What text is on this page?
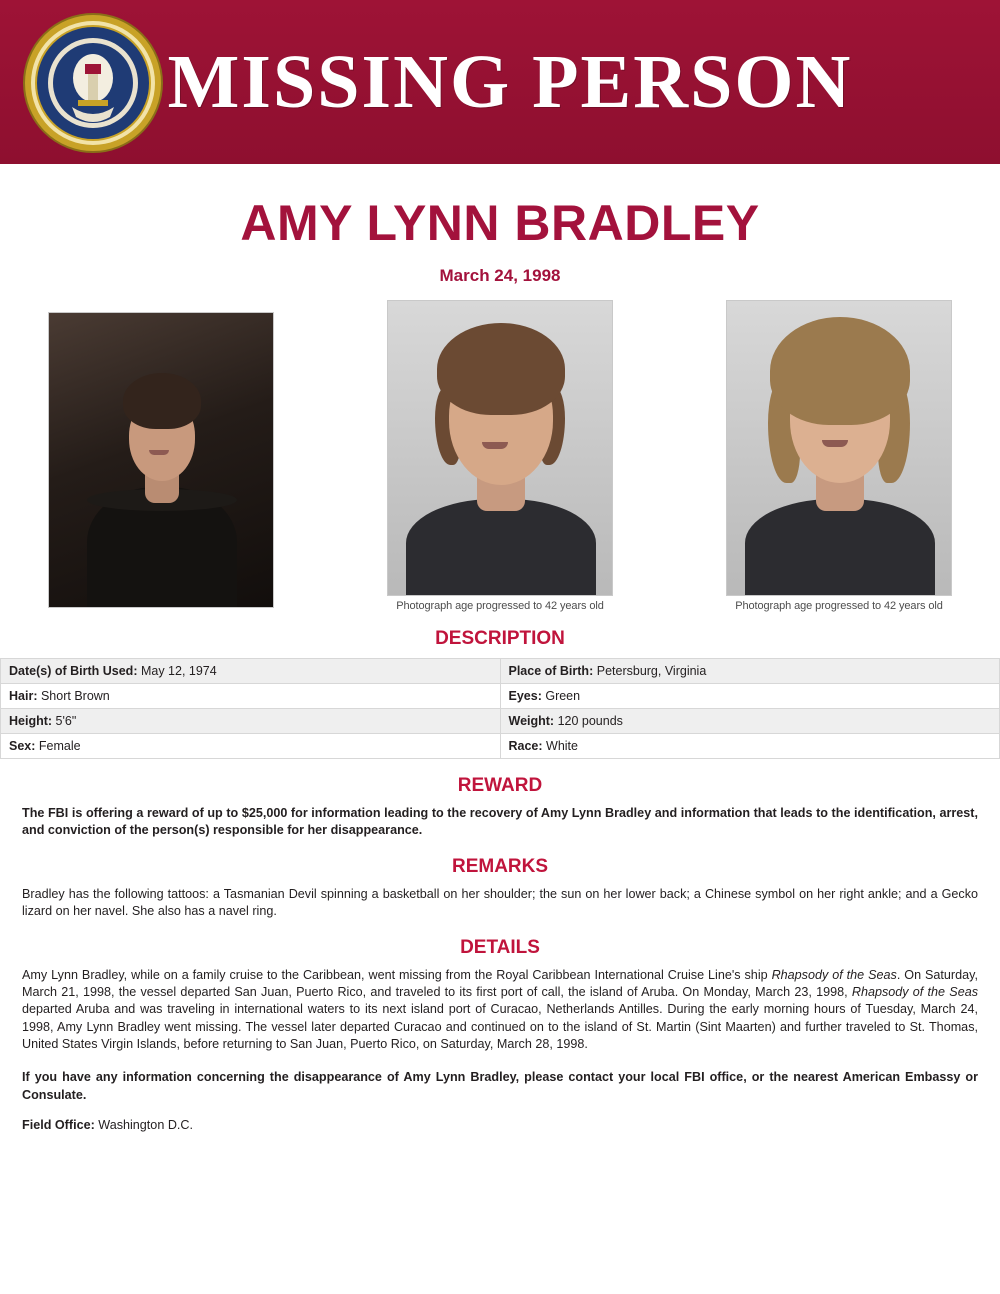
MISSING PERSON
AMY LYNN BRADLEY
March 24, 1998
Photograph age progressed to 42 years old	Photograph age progressed to 42 years old
DESCRIPTION
Date(s) of Birth Used: May 12, 1974	Place of Birth: Petersburg, Virginia
Hair: Short Brown	Eyes: Green
Height: 5'6"	Weight: 120 pounds
Sex: Female	Race: White
REWARD

The FBI is offering a reward of up to $25,000 for information leading to the recovery of Amy Lynn Bradley and information that leads to the identification, arrest, and conviction of the person(s) responsible for her disappearance.

REMARKS

Bradley has the following tattoos: a Tasmanian Devil spinning a basketball on her shoulder; the sun on her lower back; a Chinese symbol on her right ankle; and a Gecko lizard on her navel. She also has a navel ring.

DETAILS

Amy Lynn Bradley, while on a family cruise to the Caribbean, went missing from the Royal Caribbean International Cruise Line's ship Rhapsody of the Seas. On Saturday, March 21, 1998, the vessel departed San Juan, Puerto Rico, and traveled to its first port of call, the island of Aruba. On Monday, March 23, 1998, Rhapsody of the Seas departed Aruba and was traveling in international waters to its next island port of Curacao, Netherlands Antilles. During the early morning hours of Tuesday, March 24, 1998, Amy Lynn Bradley went missing. The vessel later departed Curacao and continued on to the island of St. Martin (Sint Maarten) and further traveled to St. Thomas, United States Virgin Islands, before returning to San Juan, Puerto Rico, on Saturday, March 28, 1998.

If you have any information concerning the disappearance of Amy Lynn Bradley, please contact your local FBI office, or the nearest American Embassy or Consulate.

Field Office: Washington D.C.
